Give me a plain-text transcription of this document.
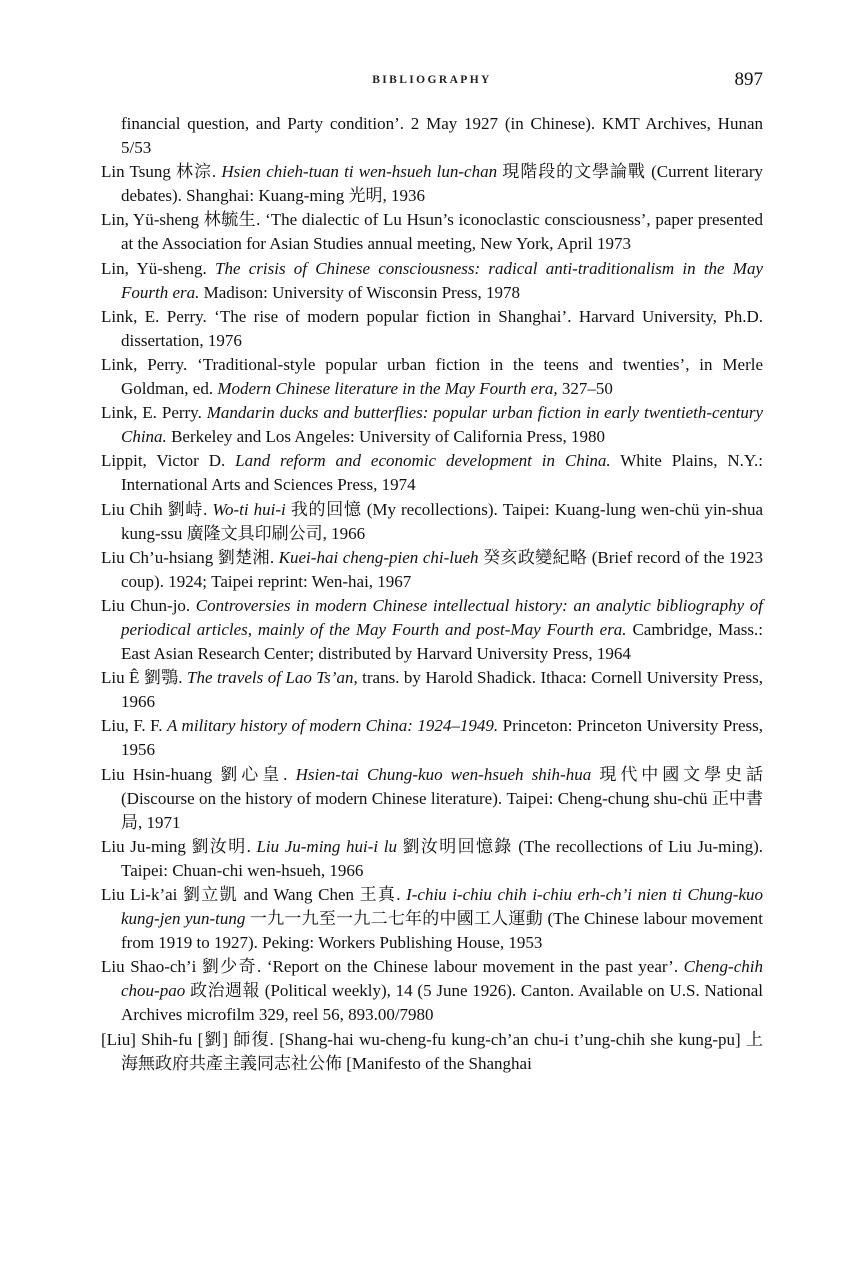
BIBLIOGRAPHY	897

financial question, and Party condition’. 2 May 1927 (in Chinese). KMT Archives, Hunan 5/53

Lin Tsung 林淙. Hsien chieh-tuan ti wen-hsueh lun-chan 現階段的文學論戰 (Current literary debates). Shanghai: Kuang-ming 光明, 1936

Lin, Yü-sheng 林毓生. ‘The dialectic of Lu Hsun’s iconoclastic consciousness’, paper presented at the Association for Asian Studies annual meeting, New York, April 1973

Lin, Yü-sheng. The crisis of Chinese consciousness: radical anti-traditionalism in the May Fourth era. Madison: University of Wisconsin Press, 1978

Link, E. Perry. ‘The rise of modern popular fiction in Shanghai’. Harvard University, Ph.D. dissertation, 1976

Link, Perry. ‘Traditional-style popular urban fiction in the teens and twenties’, in Merle Goldman, ed. Modern Chinese literature in the May Fourth era, 327–50

Link, E. Perry. Mandarin ducks and butterflies: popular urban fiction in early twentieth-century China. Berkeley and Los Angeles: University of California Press, 1980

Lippit, Victor D. Land reform and economic development in China. White Plains, N.Y.: International Arts and Sciences Press, 1974

Liu Chih 劉峙. Wo-ti hui-i 我的回憶 (My recollections). Taipei: Kuang-lung wen-chü yin-shua kung-ssu 廣隆文具印刷公司, 1966

Liu Ch’u-hsiang 劉楚湘. Kuei-hai cheng-pien chi-lueh 癸亥政變紀略 (Brief record of the 1923 coup). 1924; Taipei reprint: Wen-hai, 1967

Liu Chun-jo. Controversies in modern Chinese intellectual history: an analytic bibliography of periodical articles, mainly of the May Fourth and post-May Fourth era. Cambridge, Mass.: East Asian Research Center; distributed by Harvard University Press, 1964

Liu Ê 劉鶚. The travels of Lao Ts’an, trans. by Harold Shadick. Ithaca: Cornell University Press, 1966

Liu, F. F. A military history of modern China: 1924–1949. Princeton: Princeton University Press, 1956

Liu Hsin-huang 劉心皇. Hsien-tai Chung-kuo wen-hsueh shih-hua 現代中國文學史話 (Discourse on the history of modern Chinese literature). Taipei: Cheng-chung shu-chü 正中書局, 1971

Liu Ju-ming 劉汝明. Liu Ju-ming hui-i lu 劉汝明回憶錄 (The recollections of Liu Ju-ming). Taipei: Chuan-chi wen-hsueh, 1966

Liu Li-k’ai 劉立凱 and Wang Chen 王真. I-chiu i-chiu chih i-chiu erh-ch’i nien ti Chung-kuo kung-jen yun-tung 一九一九至一九二七年的中國工人運動 (The Chinese labour movement from 1919 to 1927). Peking: Workers Publishing House, 1953

Liu Shao-ch’i 劉少奇. ‘Report on the Chinese labour movement in the past year’. Cheng-chih chou-pao 政治週報 (Political weekly), 14 (5 June 1926). Canton. Available on U.S. National Archives microfilm 329, reel 56, 893.00/7980

[Liu] Shih-fu [劉] 師復. [Shang-hai wu-cheng-fu kung-ch’an chu-i t’ung-chih she kung-pu] 上海無政府共產主義同志社公佈 [Manifesto of the Shanghai
